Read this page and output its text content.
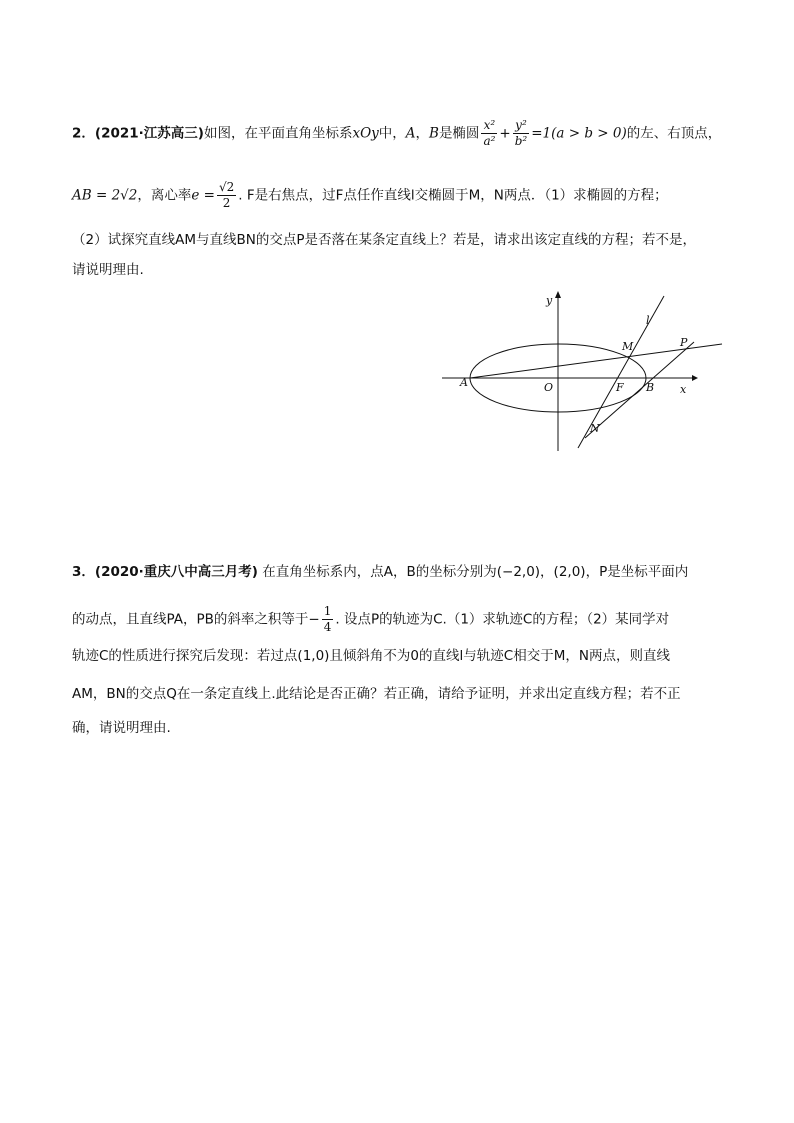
2．(2021·江苏高三)如图，在平面直角坐标系xOy中，A，B是椭圆 $\frac{\text{x²}}{\text{a²}} + \frac{\text{y²}}{\text{b²}} =1(a > b > 0)$的左、右顶点，
AB = 2√2，离心率$e = \frac{√2}{2}$ . F是右焦点，过F点任作直线l交椭圆于M，N两点．（1）求椭圆的方程；
（2）试探究直线AM与直线BN的交点P是否落在某条定直线上？若是，请求出该定直线的方程；若不是，
请说明理由.
y
x
A	O	F B
M
N
P
l
3．(2020·重庆八中高三月考) 在直角坐标系内，点A，B的坐标分别为(−2,0)，(2,0)，P是坐标平面内
的动点，且直线PA，PB的斜率之积等于− $\frac{1}{4}$ . 设点P的轨迹为C.（1）求轨迹C的方程；（2）某同学对
轨迹C的性质进行探究后发现：若过点(1,0)且倾斜角不为0的直线l与轨迹C相交于M，N两点，则直线
AM，BN的交点Q在一条定直线上.此结论是否正确？若正确，请给予证明，并求出定直线方程；若不正
确，请说明理由.
